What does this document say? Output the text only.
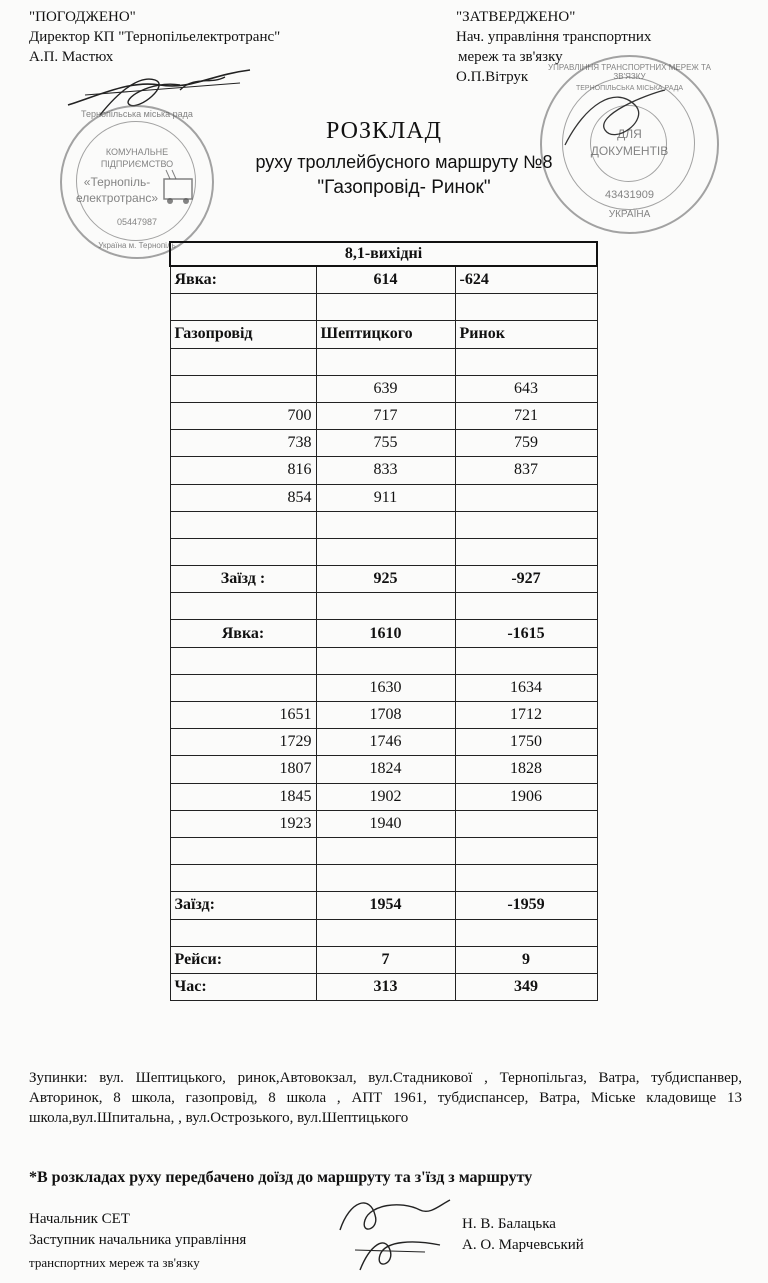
"ПОГОДЖЕНО"
Директор КП "Тернопільелектротранс"
А.П. Мастюх
"ЗАТВЕРДЖЕНО"
Нач. управління транспортних
мереж та зв'язку
О.П.Вітрук
Тернопільська міська рада
КОМУНАЛЬНЕ
ПІДПРИЄМСТВО
«Тернопіль-
електротранс»
05447987
Україна м. Тернопіль
УПРАВЛІННЯ ТРАНСПОРТНИХ МЕРЕЖ ТА ЗВ'ЯЗКУ
ТЕРНОПІЛЬСЬКА МІСЬКА РАДА
ДЛЯ
ДОКУМЕНТІВ
43431909
УКРАЇНА
РОЗКЛАД
руху троллейбусного маршруту №8
"Газопровід- Ринок"
8,1-вихідні		
Явка:	614	-624

Газопровід	Шептицкого	Ринок

	639	643
700	717	721
738	755	759
816	833	837
854	911	

Заїзд :	925	-927

Явка:	1610	-1615

	1630	1634
1651	1708	1712
1729	1746	1750
1807	1824	1828
1845	1902	1906
1923	1940	

Заїзд:	1954	-1959

Рейси:	7	9
Час:	313	349
Зупинки: вул. Шептицького, ринок,Автовокзал, вул.Стадникової , Тернопільгаз, Ватра, тубдиспанвер, Авторинок, 8 школа, газопровід, 8 школа , АПТ 1961, тубдиспансер, Ватра, Міське кладовище 13 школа,вул.Шпитальна, , вул.Острозького, вул.Шептицького
*В розкладах руху передбачено доїзд до маршруту та з'їзд з маршруту
Начальник СЕТ
Заступник начальника управління
транспортних мереж та зв'язку
Н. В. Балацька
А. О. Марчевський
